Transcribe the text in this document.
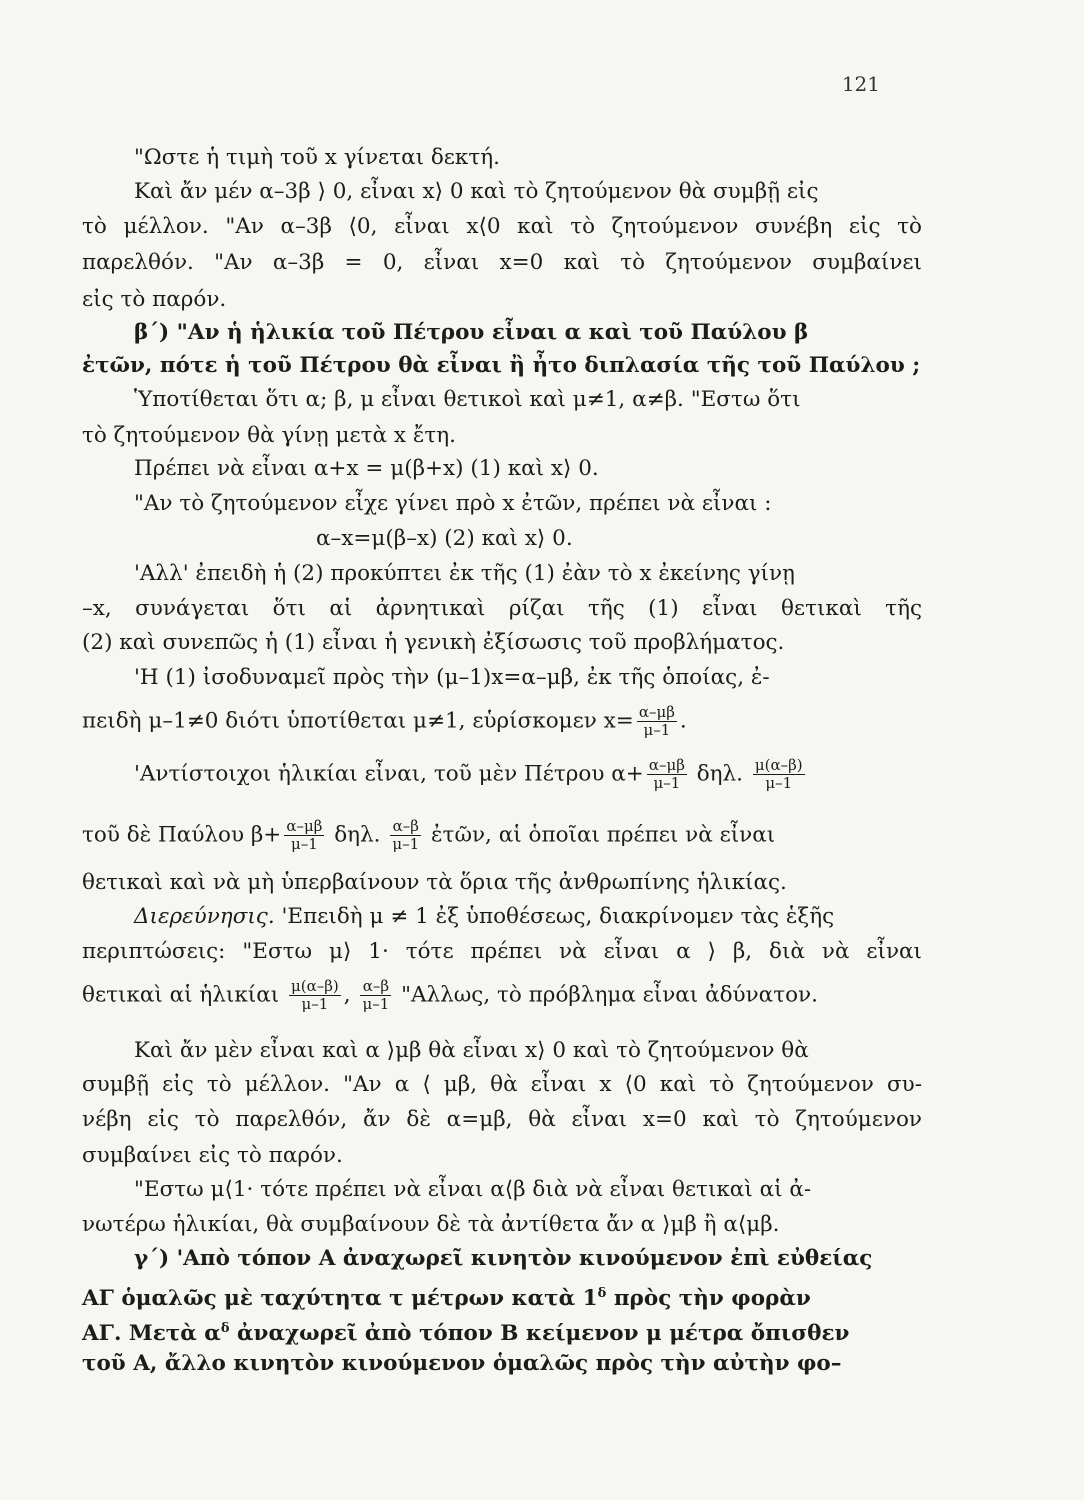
121
"Ωστε ἡ τιμὴ τοῦ x γίνεται δεκτή.
Καὶ ἄν μέν α–3β ⟩ 0, εἶναι x⟩ 0 καὶ τὸ ζητούμενον θὰ συμβῇ εἰς
τὸ μέλλον. "Αν α–3β ⟨0, εἶναι x⟨0 καὶ τὸ ζητούμενον συνέβη εἰς τὸ
παρελθόν. "Αν α–3β = 0, εἶναι x=0 καὶ τὸ ζητούμενον συμβαίνει
εἰς τὸ παρόν.
β΄) "Αν ἡ ἡλικία τοῦ Πέτρου εἶναι α καὶ τοῦ Παύλου β
ἐτῶν, πότε ἡ τοῦ Πέτρου θὰ εἶναι ἢ ἦτο διπλασία τῆς τοῦ Παύλου ;
Ὑποτίθεται ὅτι α; β, μ εἶναι θετικοὶ καὶ μ≠1, α≠β. "Εστω ὅτι
τὸ ζητούμενον θὰ γίνῃ μετὰ x ἔτη.
Πρέπει νὰ εἶναι α+x = μ(β+x) (1) καὶ x⟩ 0.
"Αν τὸ ζητούμενον εἶχε γίνει πρὸ x ἐτῶν, πρέπει νὰ εἶναι :
α–x=μ(β–x) (2) καὶ x⟩ 0.
'Αλλ' ἐπειδὴ ἡ (2) προκύπτει ἐκ τῆς (1) ἐὰν τὸ x ἐκείνης γίνῃ
–x, συνάγεται ὅτι αἱ ἀρνητικαὶ ρίζαι τῆς (1) εἶναι θετικαὶ τῆς
(2) καὶ συνεπῶς ἡ (1) εἶναι ἡ γενικὴ ἐξίσωσις τοῦ προβλήματος.
'Η (1) ἰσοδυναμεῖ πρὸς τὴν (μ–1)x=α–μβ, ἐκ τῆς ὁποίας, ἐ-
πειδὴ μ–1≠0 διότι ὑποτίθεται μ≠1, εὑρίσκομεν $x= \frac{\alpha-\mu\beta}{\mu-1}$ .
'Αντίστοιχοι ἡλικίαι εἶναι, τοῦ μὲν Πέτρου $\alpha+ \frac{\alpha-\mu\beta}{\mu-1} \delta\eta\lambda$. $\frac{\mu(\alpha-\beta)}{\mu-1}$
τοῦ δὲ Παύλου $\beta+ \frac{\alpha-\mu\beta}{\mu-1} \delta\eta\lambda$. $\frac{\alpha-\beta}{\mu-1}$ ἐτῶν, αἱ ὁποῖαι πρέπει νὰ εἶναι
θετικαὶ καὶ νὰ μὴ ὑπερβαίνουν τὰ ὅρια τῆς ἀνθρωπίνης ἡλικίας.
Διερεύνησις. 'Επειδὴ μ ≠ 1 ἐξ ὑποθέσεως, διακρίνομεν τὰς ἑξῆς
περιπτώσεις: "Εστω μ⟩ 1· τότε πρέπει νὰ εἶναι α ⟩ β, διὰ νὰ εἶναι
θετικαὶ αἱ ἡλικίαι $\frac{\mu(\alpha-\beta)}{\mu-1}$ , $\frac{\alpha-\beta}{\mu-1}$ "Αλλως, τὸ πρόβλημα εἶναι ἀδύνατον.
Καὶ ἄν μὲν εἶναι καὶ α ⟩μβ θὰ εἶναι x⟩ 0 καὶ τὸ ζητούμενον θὰ
συμβῇ εἰς τὸ μέλλον. "Αν α ⟨ μβ, θὰ εἶναι x ⟨0 καὶ τὸ ζητούμενον συ-
νέβη εἰς τὸ παρελθόν, ἄν δὲ α=μβ, θὰ εἶναι x=0 καὶ τὸ ζητούμενον
συμβαίνει εἰς τὸ παρόν.
"Εστω μ⟨1· τότε πρέπει νὰ εἶναι α⟨β διὰ νὰ εἶναι θετικαὶ αἱ ἀ-
νωτέρω ἡλικίαι, θὰ συμβαίνουν δὲ τὰ ἀντίθετα ἄν α ⟩μβ ἢ α⟨μβ.
γ΄) 'Απὸ τόπον Α ἀναχωρεῖ κινητὸν κινούμενον ἐπὶ εὐθείας
ΑΓ ὁμαλῶς μὲ ταχύτητα τ μέτρων κατὰ $1^\delta$ πρὸς τὴν φορὰν
ΑΓ. Μετὰ $\alpha^\delta$ ἀναχωρεῖ ἀπὸ τόπον Β κείμενον μ μέτρα ὄπισθεν
τοῦ Α, ἄλλο κινητὸν κινούμενον ὁμαλῶς πρὸς τὴν αὐτὴν φο–
